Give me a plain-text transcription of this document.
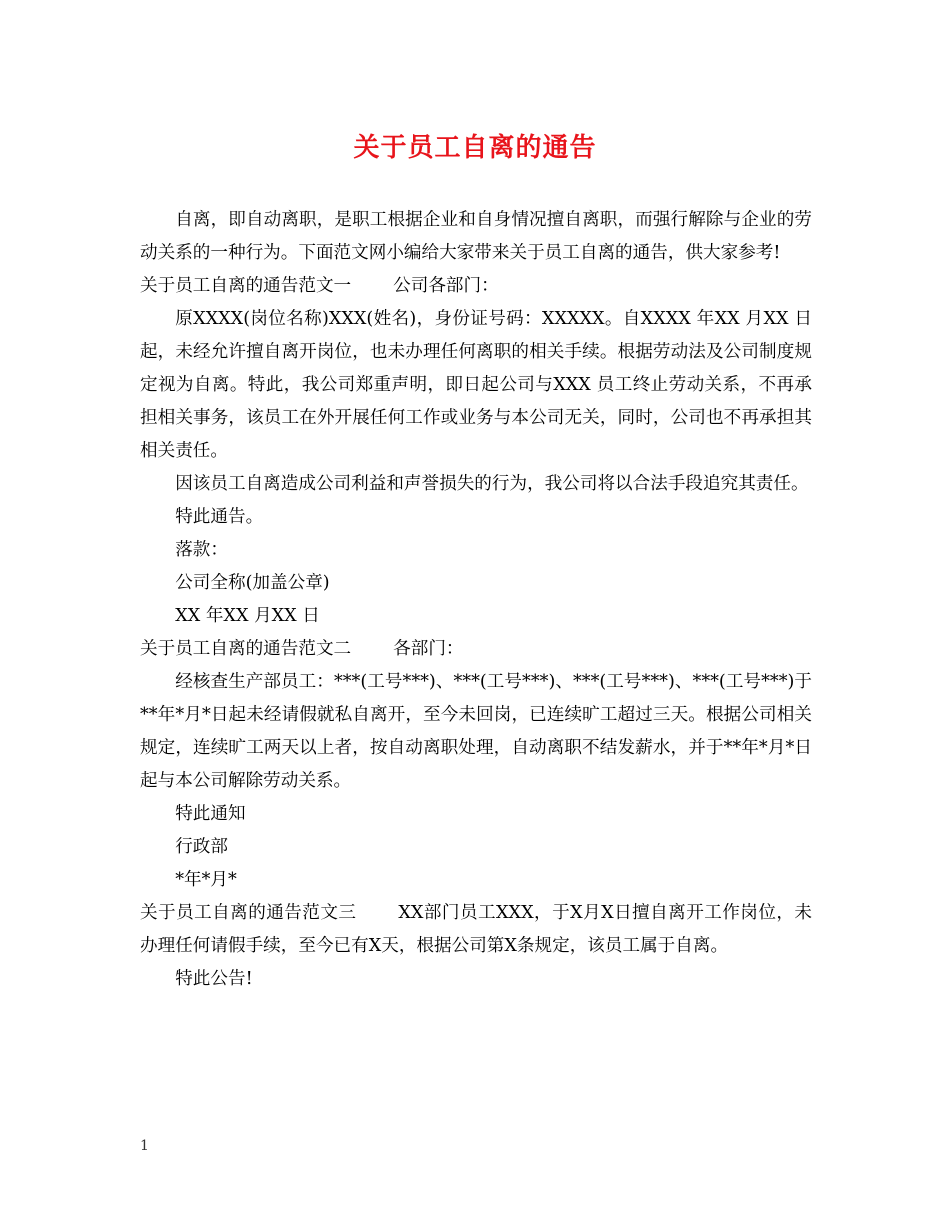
关于员工自离的通告

自离，即自动离职，是职工根据企业和自身情况擅自离职，而强行解除与企业的劳动关系的一种行为。下面范文网小编给大家带来关于员工自离的通告，供大家参考!

关于员工自离的通告范文一 公司各部门：

原XXXX(岗位名称)XXX(姓名)，身份证号码：XXXXX。自XXXX 年XX 月XX 日起，未经允许擅自离开岗位，也未办理任何离职的相关手续。根据劳动法及公司制度规定视为自离。特此，我公司郑重声明，即日起公司与XXX 员工终止劳动关系，不再承担相关事务，该员工在外开展任何工作或业务与本公司无关，同时，公司也不再承担其相关责任。

因该员工自离造成公司利益和声誉损失的行为，我公司将以合法手段追究其责任。

特此通告。

落款：

公司全称(加盖公章)

XX 年XX 月XX 日

关于员工自离的通告范文二 各部门：

经核查生产部员工：***(工号***)、***(工号***)、***(工号***)、***(工号***)于**年*月*日起未经请假就私自离开，至今未回岗，已连续旷工超过三天。根据公司相关规定，连续旷工两天以上者，按自动离职处理，自动离职不结发薪水，并于**年*月*日起与本公司解除劳动关系。

特此通知

行政部

*年*月*

关于员工自离的通告范文三 XX部门员工XXX，于X月X日擅自离开工作岗位，未办理任何请假手续，至今已有X天，根据公司第X条规定，该员工属于自离。

特此公告!

1
